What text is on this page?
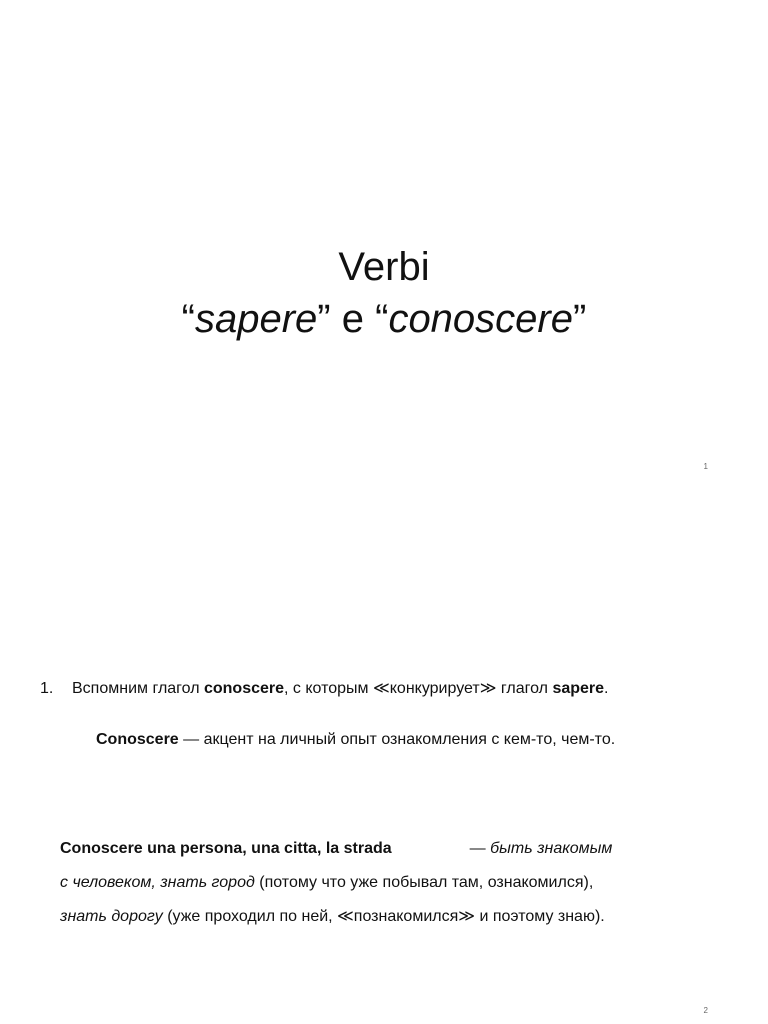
Verbi
“sapere” е “conoscere”
1
1. Вспомним глагол conoscere, с которым ≪конкурирует≫ глагол sapere.
Conoscere — акцент на личный опыт ознакомления с кем-то, чем-то.
Conoscere una persona, una citta, la strada	— быть знакомым
с человеком, знать город (потому что уже побывал там, ознакомился),
знать дорогу (уже проходил по ней, ≪познакомился≫ и поэтому знаю).
2
